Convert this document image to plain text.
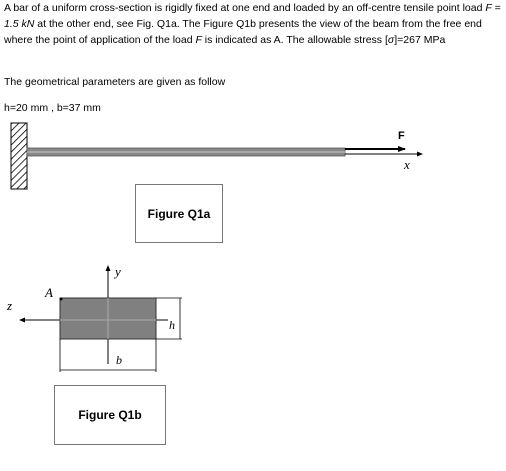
A bar of a uniform cross-section is rigidly fixed at one end and loaded by an off-centre tensile point load F = 1.5 kN at the other end, see Fig. Q1a. The Figure Q1b presents the view of the beam from the free end where the point of application of the load F is indicated as A. The allowable stress [σ]=267 MPa

The geometrical parameters are given as follow

h=20 mm , b=37 mm

F
x
y
z
A
h
b
Figure Q1a
Figure Q1b
